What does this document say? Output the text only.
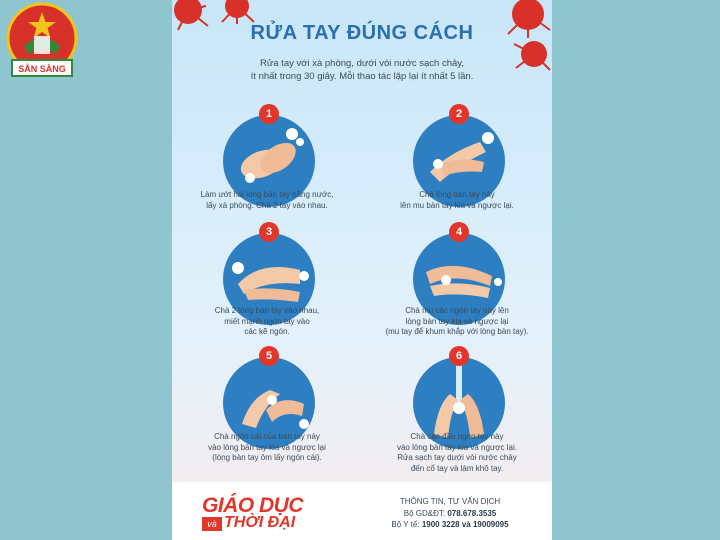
SẴN SÀNG
RỬA TAY ĐÚNG CÁCH
Rửa tay với xà phòng, dưới vòi nước sạch chảy,
ít nhất trong 30 giây. Mỗi thao tác lặp lại ít nhất 5 lần.
1
Làm ướt hai lòng bàn tay bằng nước,
lấy xà phòng. Chà 2 tay vào nhau.
2
Chà lòng bàn tay này
lên mu bàn tay kia và ngược lại.
3
Chà 2 lòng bàn tay vào nhau,
miết mạnh ngón tay vào
các kẽ ngón.
4
Chà mu các ngón tay này lên
lòng bàn tay kia và ngược lại
(mu tay để khum khắp với lòng bàn tay).
5
Chà ngón cái của bàn tay này
vào lòng bàn tay kia và ngược lại
(lòng bàn tay ôm lấy ngón cái).
6
Chà các đầu ngón tay này
vào lòng bàn tay kia và ngược lại.
Rửa sạch tay dưới vòi nước chảy
đến cổ tay và làm khô tay.
GIÁO DỤC
và THỜI ĐẠI
THÔNG TIN, TƯ VẤN DỊCH
Bộ GD&ĐT: 078.678.3535
Bộ Y tế: 1900 3228 và 19009095
